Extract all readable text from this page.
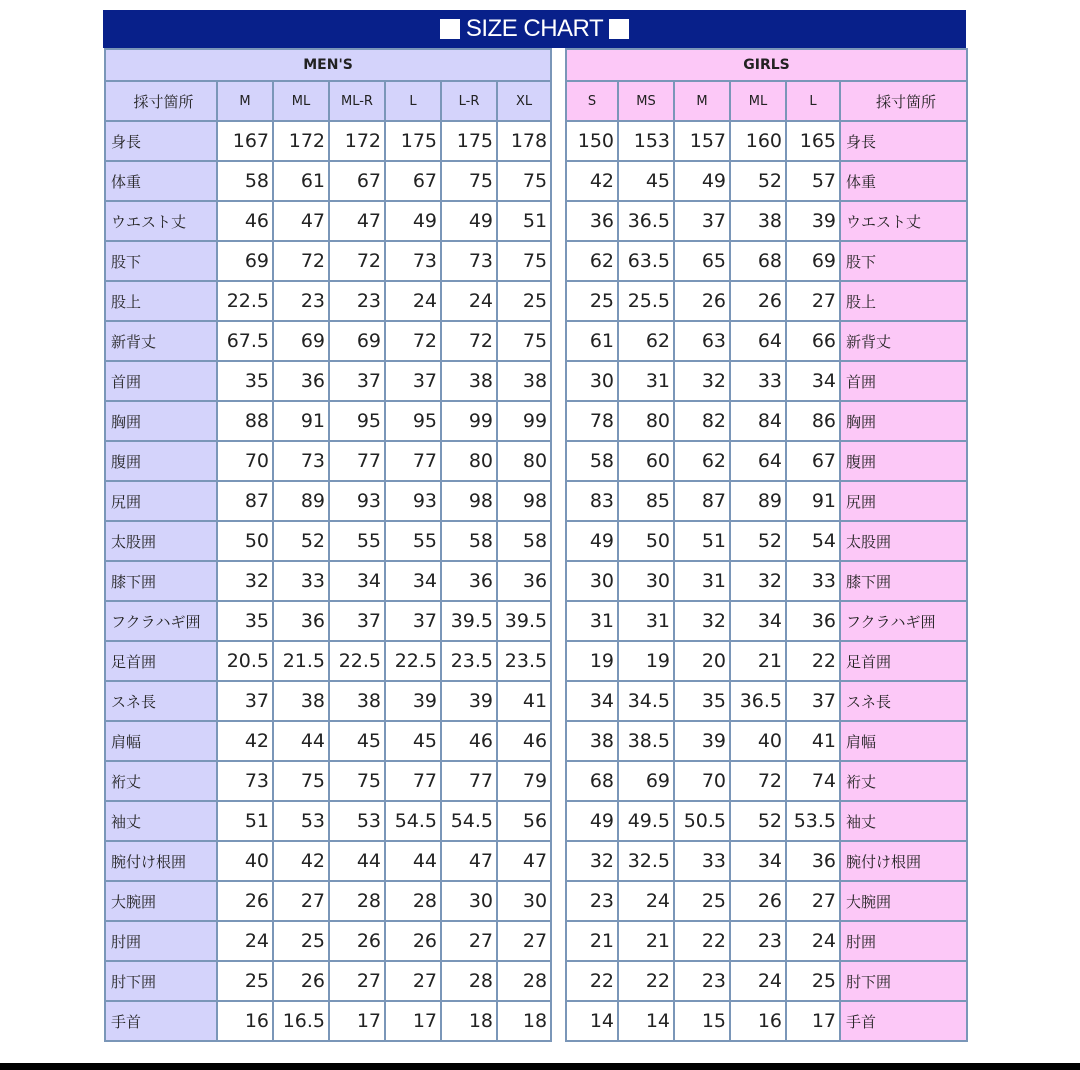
SIZE CHART
MEN'S						
採寸箇所	M	ML	ML-R	L	L-R	XL
身長	167	172	172	175	175	178
体重	58	61	67	67	75	75
ウエスト丈	46	47	47	49	49	51
股下	69	72	72	73	73	75
股上	22.5	23	23	24	24	25
新背丈	67.5	69	69	72	72	75
首囲	35	36	37	37	38	38
胸囲	88	91	95	95	99	99
腹囲	70	73	77	77	80	80
尻囲	87	89	93	93	98	98
太股囲	50	52	55	55	58	58
膝下囲	32	33	34	34	36	36
フクラハギ囲	35	36	37	37	39.5	39.5
足首囲	20.5	21.5	22.5	22.5	23.5	23.5
スネ長	37	38	38	39	39	41
肩幅	42	44	45	45	46	46
裄丈	73	75	75	77	77	79
袖丈	51	53	53	54.5	54.5	56
腕付け根囲	40	42	44	44	47	47
大腕囲	26	27	28	28	30	30
肘囲	24	25	26	26	27	27
肘下囲	25	26	27	27	28	28
手首	16	16.5	17	17	18	18
GIRLS					
S	MS	M	ML	L	採寸箇所
150	153	157	160	165	身長
42	45	49	52	57	体重
36	36.5	37	38	39	ウエスト丈
62	63.5	65	68	69	股下
25	25.5	26	26	27	股上
61	62	63	64	66	新背丈
30	31	32	33	34	首囲
78	80	82	84	86	胸囲
58	60	62	64	67	腹囲
83	85	87	89	91	尻囲
49	50	51	52	54	太股囲
30	30	31	32	33	膝下囲
31	31	32	34	36	フクラハギ囲
19	19	20	21	22	足首囲
34	34.5	35	36.5	37	スネ長
38	38.5	39	40	41	肩幅
68	69	70	72	74	裄丈
49	49.5	50.5	52	53.5	袖丈
32	32.5	33	34	36	腕付け根囲
23	24	25	26	27	大腕囲
21	21	22	23	24	肘囲
22	22	23	24	25	肘下囲
14	14	15	16	17	手首
